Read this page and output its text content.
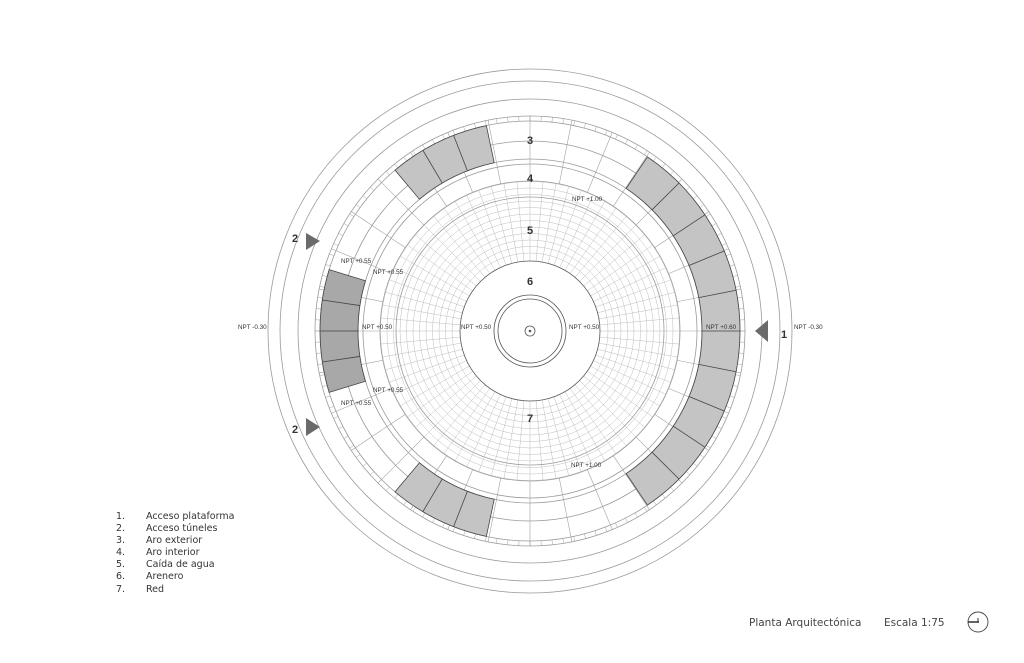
3
4
5
6
7
1
2
2
NPT -0.30	NPT -0.30
NPT +0.60
NPT +0.50	NPT +0.50	NPT +0.50
NPT +0.55
NPT +0.55
NPT +0.55
NPT +0.55
NPT +1.00
NPT +1.00
1.	Acceso plataforma
2.	Acceso túneles
3.	Aro exterior
4.	Aro interior
5.	Caída de agua
6.	Arenero
7.	Red
Planta Arquitectónica Escala 1:75
